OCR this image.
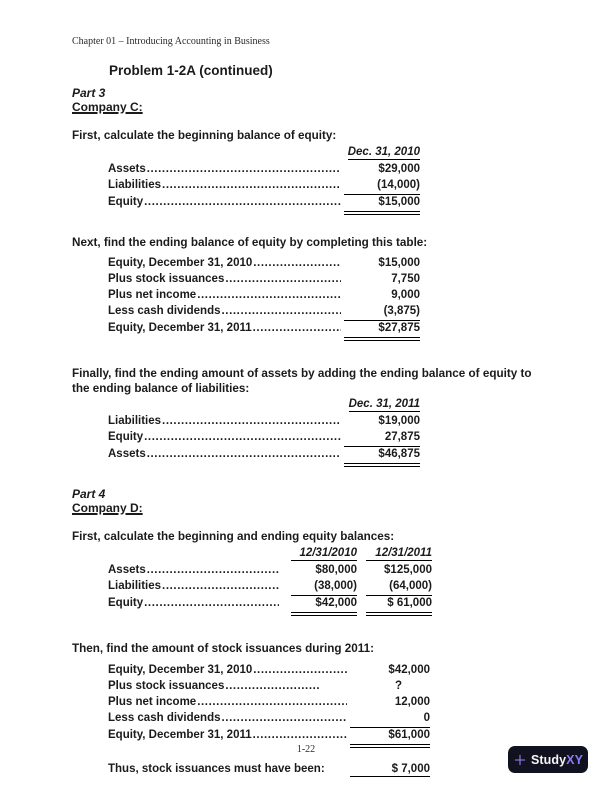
Chapter 01 – Introducing Accounting in Business
Problem 1-2A (continued)
Part 3
Company C:
First, calculate the beginning balance of equity:
Dec. 31, 2010
Assets .....	$29,000
Liabilities .....	(14,000)
Equity .....	$15,000
Next, find the ending balance of equity by completing this table:
Equity, December 31, 2010 .....	$15,000
Plus stock issuances .....	7,750
Plus net income .....	9,000
Less cash dividends .....	(3,875)
Equity, December 31, 2011 .....	$27,875
Finally, find the ending amount of assets by adding the ending balance of equity to the ending balance of liabilities:
Dec. 31, 2011
Liabilities .....	$19,000
Equity .....	27,875
Assets .....	$46,875
Part 4
Company D:
First, calculate the beginning and ending equity balances:
12/31/2010	12/31/2011
Assets .....	$80,000	$125,000
Liabilities .....	(38,000)	(64,000)
Equity .....	$42,000	$ 61,000
Then, find the amount of stock issuances during 2011:
Equity, December 31, 2010 .....	$42,000
Plus stock issuances .....	?
Plus net income .....	12,000
Less cash dividends .....	0
Equity, December 31, 2011 .....	$61,000
Thus, stock issuances must have been:	$ 7,000
1-22
StudyXY
